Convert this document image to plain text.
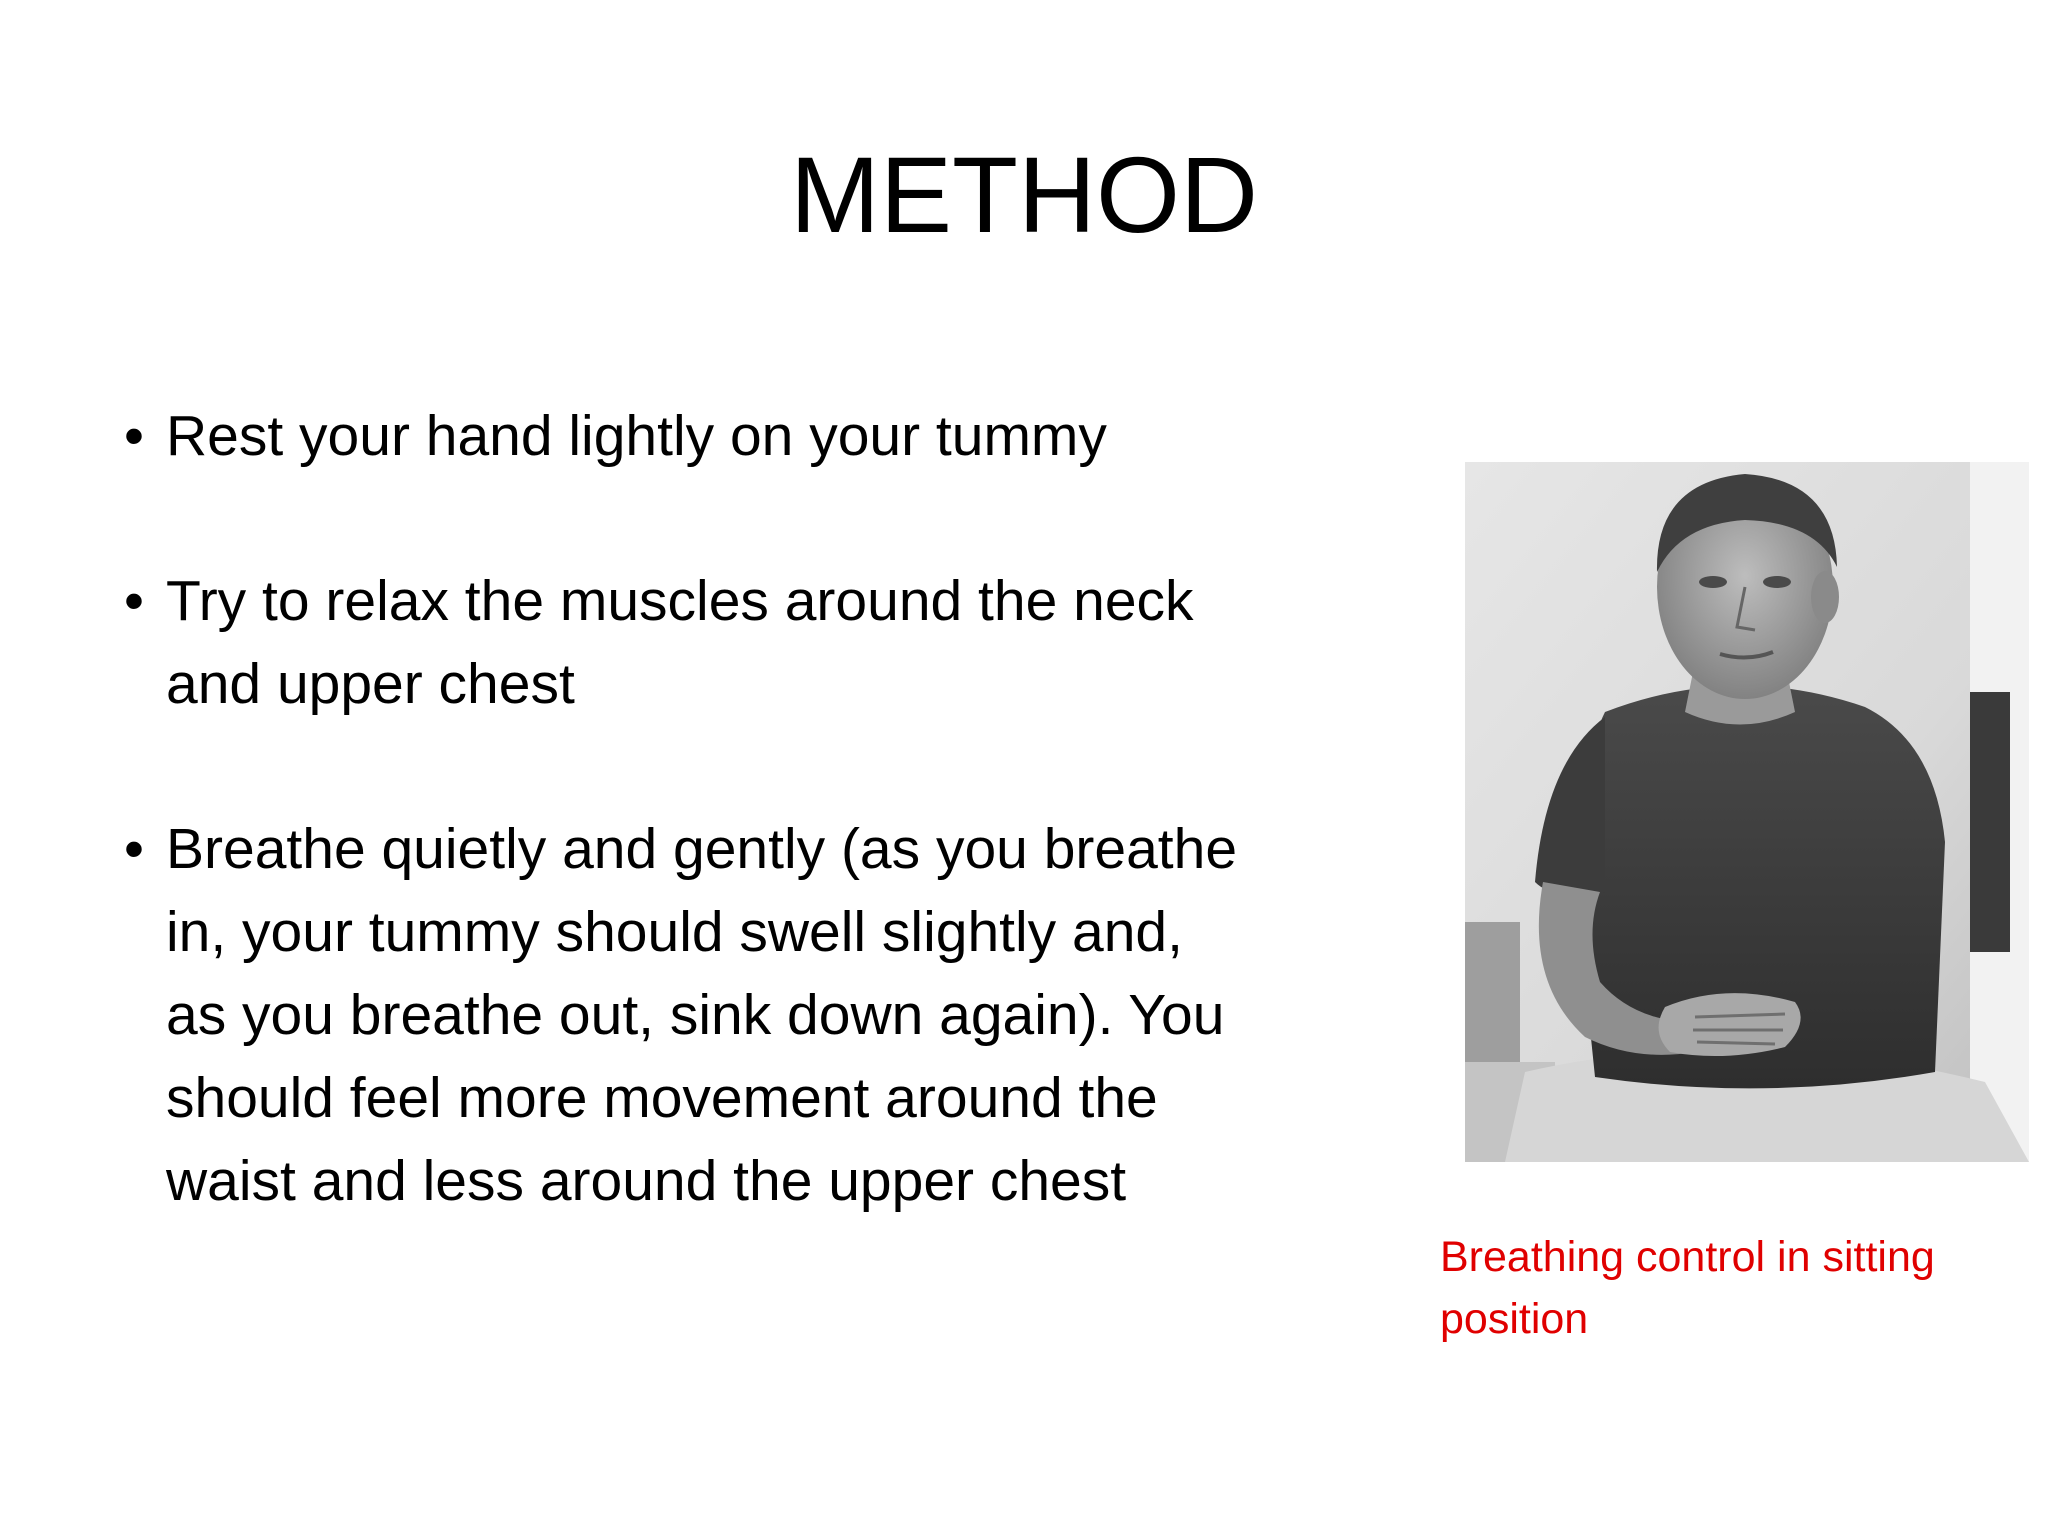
METHOD
• Rest your hand lightly on your tummy
• Try to relax the muscles around the neck
and upper chest
• Breathe quietly and gently (as you breathe
in, your tummy should swell slightly and,
as you breathe out, sink down again). You
should feel more movement around the
waist and less around the upper chest
Breathing control in sitting position
